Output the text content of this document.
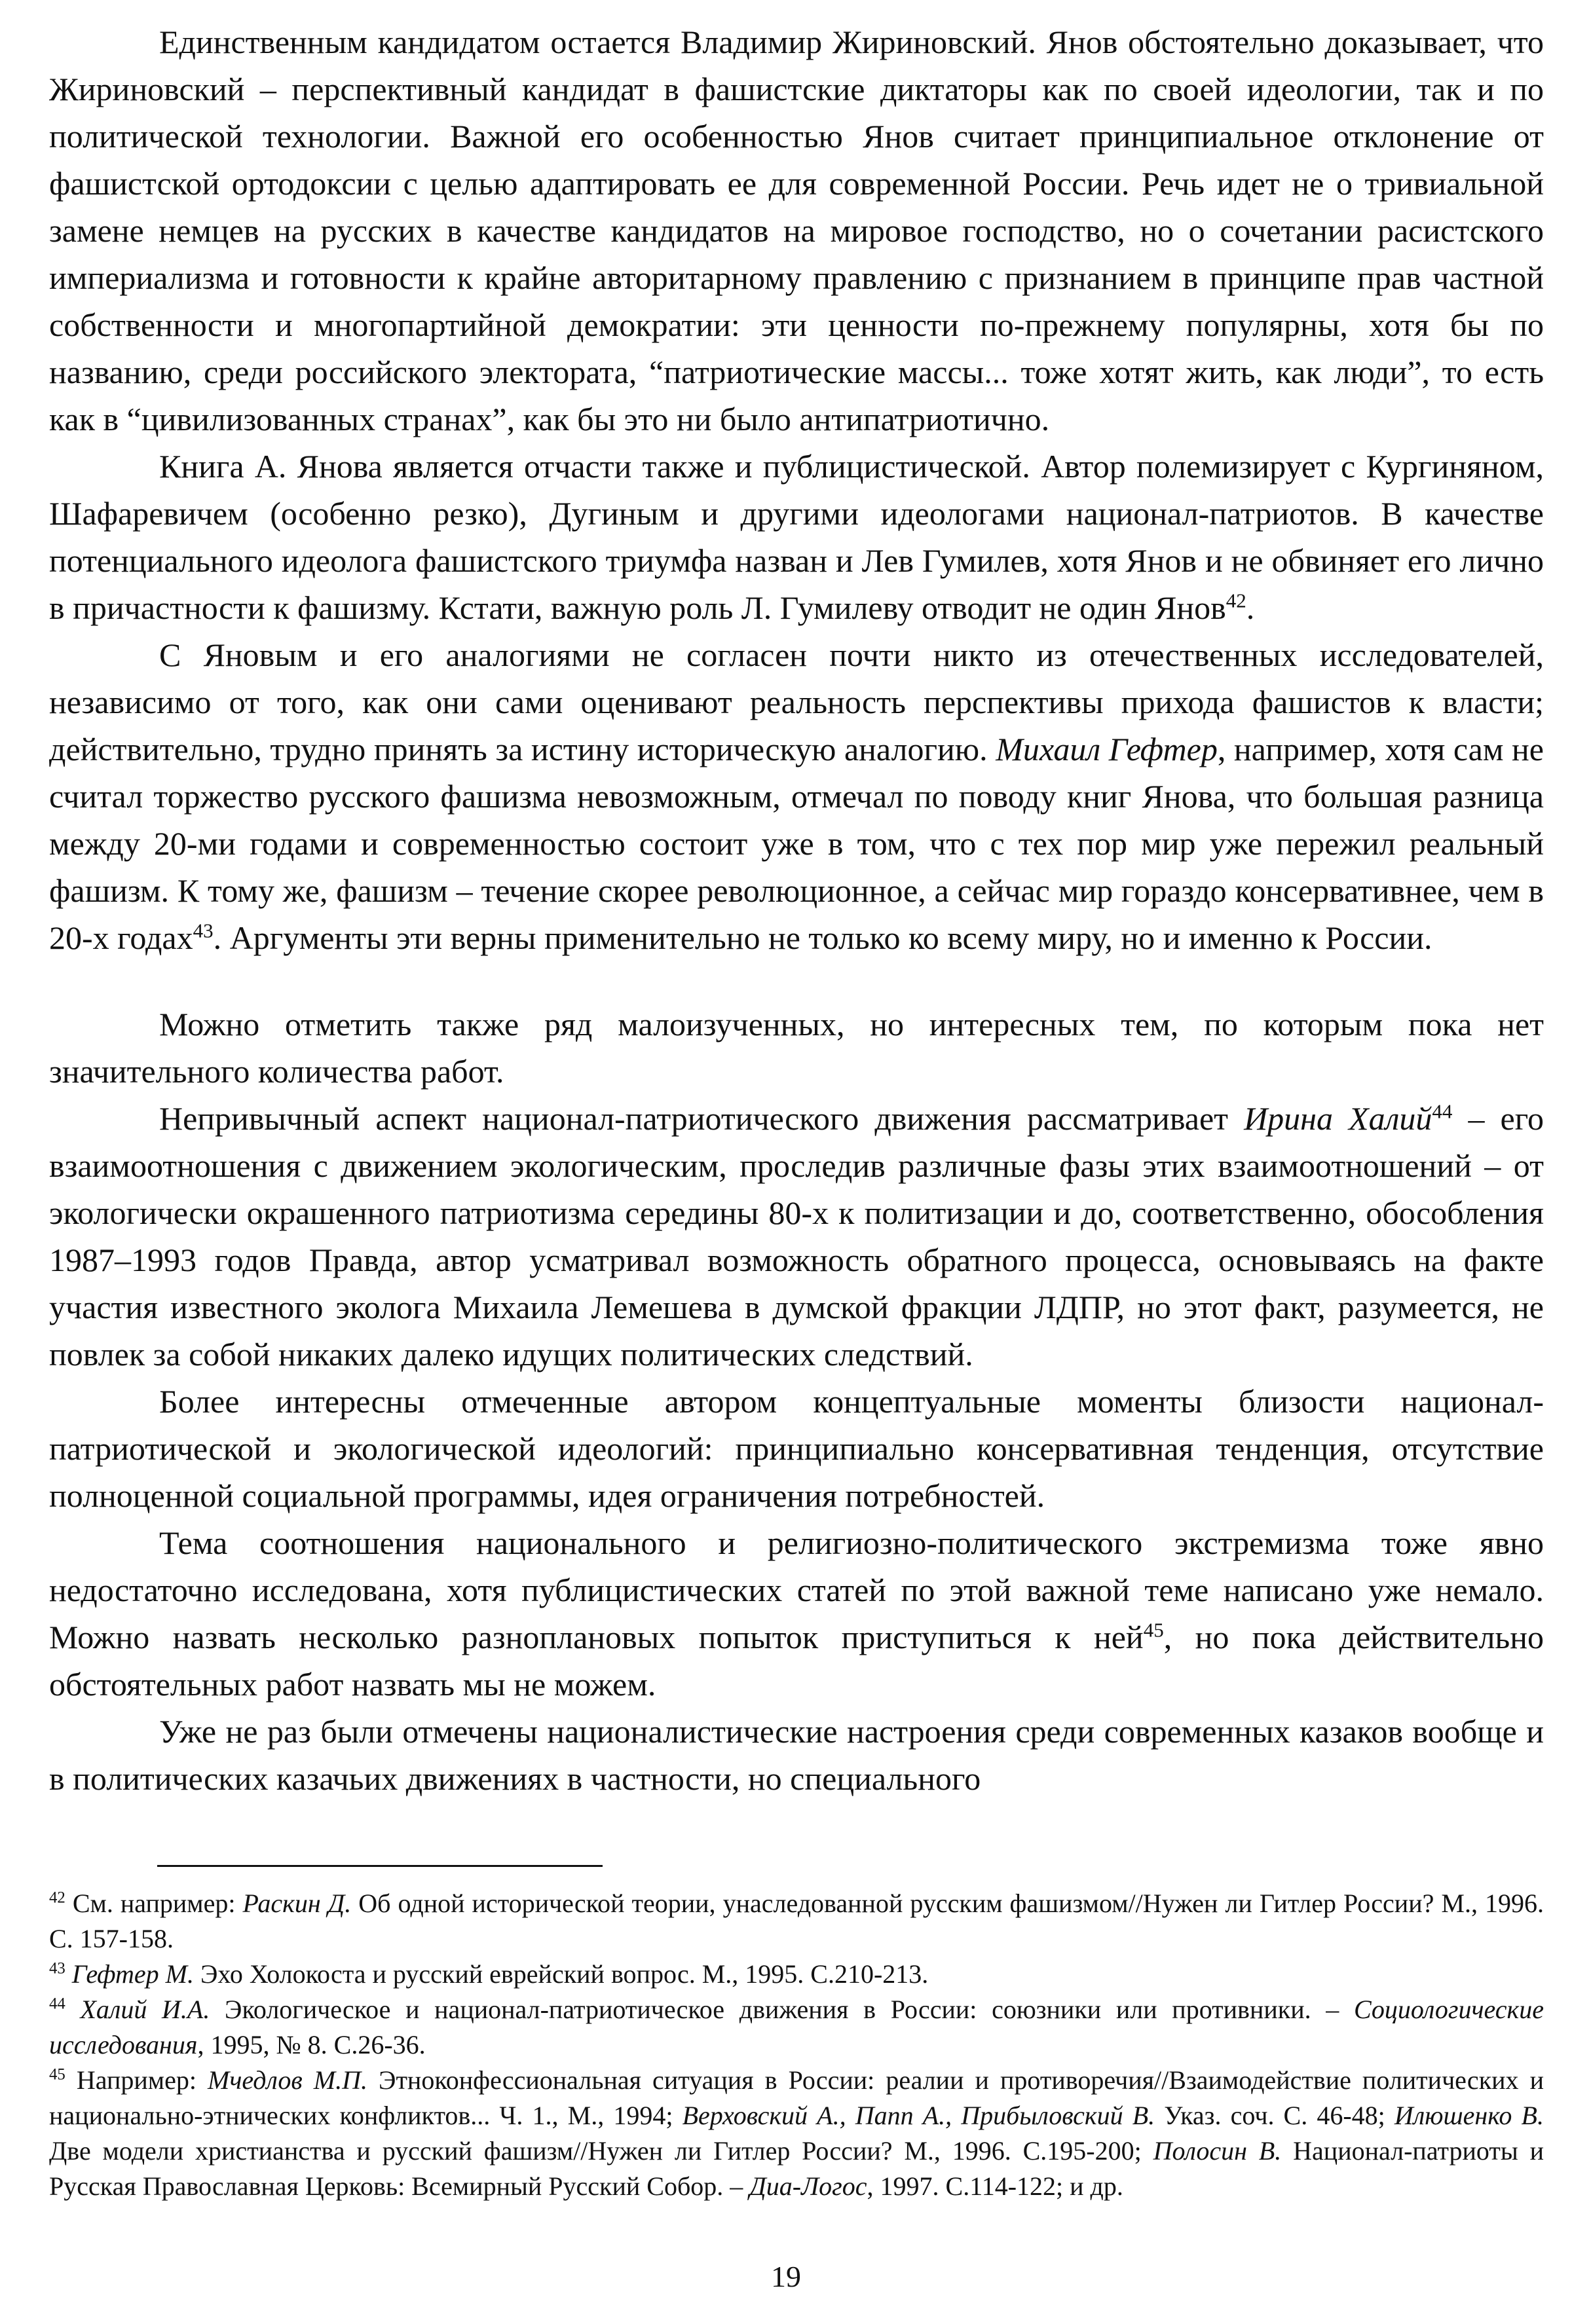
Единственным кандидатом остается Владимир Жириновский. Янов обстоятельно доказывает, что Жириновский – перспективный кандидат в фашистские диктаторы как по своей идеологии, так и по политической технологии. Важной его особенностью Янов считает принципиальное отклонение от фашистской ортодоксии с целью адаптировать ее для современной России. Речь идет не о тривиальной замене немцев на русских в качестве кандидатов на мировое господство, но о сочетании расистского империализма и готовности к крайне авторитарному правлению с признанием в принципе прав частной собственности и многопартийной демократии: эти ценности по-прежнему популярны, хотя бы по названию, среди российского электората, “патриотические массы... тоже хотят жить, как люди”, то есть как в “цивилизованных странах”, как бы это ни было антипатриотично.

Книга А. Янова является отчасти также и публицистической. Автор полемизирует с Кургиняном, Шафаревичем (особенно резко), Дугиным и другими идеологами национал-патриотов. В качестве потенциального идеолога фашистского триумфа назван и Лев Гумилев, хотя Янов и не обвиняет его лично в причастности к фашизму. Кстати, важную роль Л. Гумилеву отводит не один Янов$^{42}$.

С Яновым и его аналогиями не согласен почти никто из отечественных исследователей, независимо от того, как они сами оценивают реальность перспективы прихода фашистов к власти; действительно, трудно принять за истину историческую аналогию. Михаил Гефтер, например, хотя сам не считал торжество русского фашизма невозможным, отмечал по поводу книг Янова, что большая разница между 20-ми годами и современностью состоит уже в том, что с тех пор мир уже пережил реальный фашизм. К тому же, фашизм – течение скорее революционное, а сейчас мир гораздо консервативнее, чем в 20-х годах$^{43}$. Аргументы эти верны применительно не только ко всему миру, но и именно к России.

Можно отметить также ряд малоизученных, но интересных тем, по которым пока нет значительного количества работ.

Непривычный аспект национал-патриотического движения рассматривает Ирина Халий$^{44}$ – его взаимоотношения с движением экологическим, проследив различные фазы этих взаимоотношений – от экологически окрашенного патриотизма середины 80-х к политизации и до, соответственно, обособления 1987–1993 годов Правда, автор усматривал возможность обратного процесса, основываясь на факте участия известного эколога Михаила Лемешева в думской фракции ЛДПР, но этот факт, разумеется, не повлек за собой никаких далеко идущих политических следствий.

Более интересны отмеченные автором концептуальные моменты близости национал-патриотической и экологической идеологий: принципиально консервативная тенденция, отсутствие полноценной социальной программы, идея ограничения потребностей.

Тема соотношения национального и религиозно-политического экстремизма тоже явно недостаточно исследована, хотя публицистических статей по этой важной теме написано уже немало. Можно назвать несколько разноплановых попыток приступиться к ней$^{45}$, но пока действительно обстоятельных работ назвать мы не можем.

Уже не раз были отмечены националистические настроения среди современных казаков вообще и в политических казачьих движениях в частности, но специального

$^{42}$ См. например: Раскин Д. Об одной исторической теории, унаследованной русским фашизмом//Нужен ли Гитлер России? М., 1996. С. 157-158.

$^{43}$ Гефтер М. Эхо Холокоста и русский еврейский вопрос. М., 1995. С.210-213.

$^{44}$ Халий И.А. Экологическое и национал-патриотическое движения в России: союзники или противники. – Социологические исследования, 1995, № 8. С.26-36.

$^{45}$ Например: Мчедлов М.П. Этноконфессиональная ситуация в России: реалии и противоречия//Взаимодействие политических и национально-этнических конфликтов... Ч. 1., М., 1994; Верховский А., Папп А., Прибыловский В. Указ. соч. С. 46-48; Илюшенко В. Две модели христианства и русский фашизм//Нужен ли Гитлер России? М., 1996. С.195-200; Полосин В. Национал-патриоты и Русская Православная Церковь: Всемирный Русский Собор. – Диа-Логос, 1997. С.114-122; и др.

19
